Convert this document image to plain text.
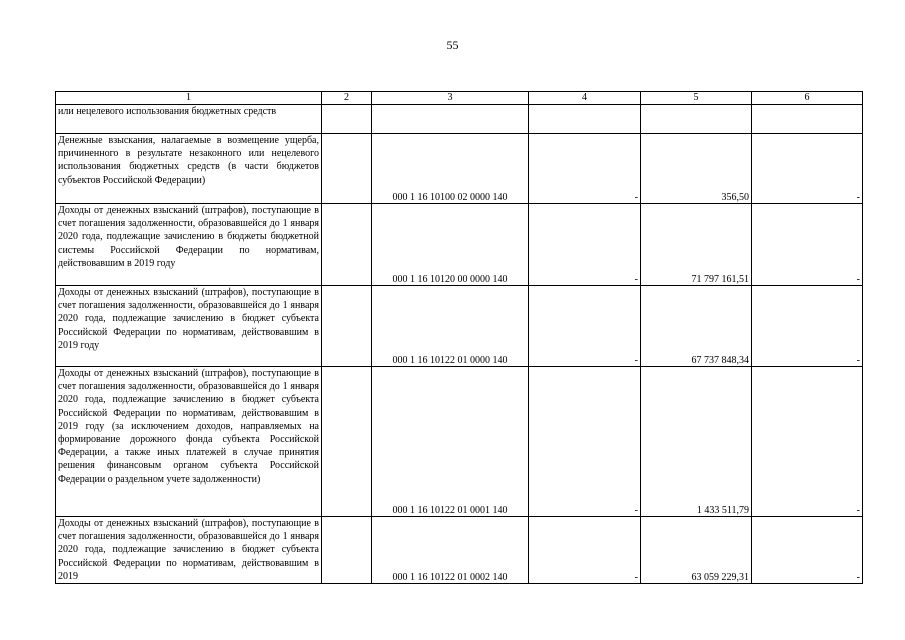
55
1	2	3	4	5	6
или нецелевого использования бюджетных средств					
Денежные взыскания, налагаемые в возмещение ущерба, причиненного в результате незаконного или нецелевого использования бюджетных средств (в части бюджетов субъектов Российской Федерации)		000 1 16 10100 02 0000 140	-	356,50	-
Доходы от денежных взысканий (штрафов), поступающие в счет погашения задолженности, образовавшейся до 1 января 2020 года, подлежащие зачислению в бюджеты бюджетной системы Российской Федерации по нормативам, действовавшим в 2019 году		000 1 16 10120 00 0000 140	-	71 797 161,51	-
Доходы от денежных взысканий (штрафов), поступающие в счет погашения задолженности, образовавшейся до 1 января 2020 года, подлежащие зачислению в бюджет субъекта Российской Федерации по нормативам, действовавшим в 2019 году		000 1 16 10122 01 0000 140	-	67 737 848,34	-
Доходы от денежных взысканий (штрафов), поступающие в счет погашения задолженности, образовавшейся до 1 января 2020 года, подлежащие зачислению в бюджет субъекта Российской Федерации по нормативам, действовавшим в 2019 году (за исключением доходов, направляемых на формирование дорожного фонда субъекта Российской Федерации, а также иных платежей в случае принятия решения финансовым органом субъекта Российской Федерации о раздельном учете задолженности)		000 1 16 10122 01 0001 140	-	1 433 511,79	-
Доходы от денежных взысканий (штрафов), поступающие в счет погашения задолженности, образовавшейся до 1 января 2020 года, подлежащие зачислению в бюджет субъекта Российской Федерации по нормативам, действовавшим в 2019		000 1 16 10122 01 0002 140	-	63 059 229,31	-
